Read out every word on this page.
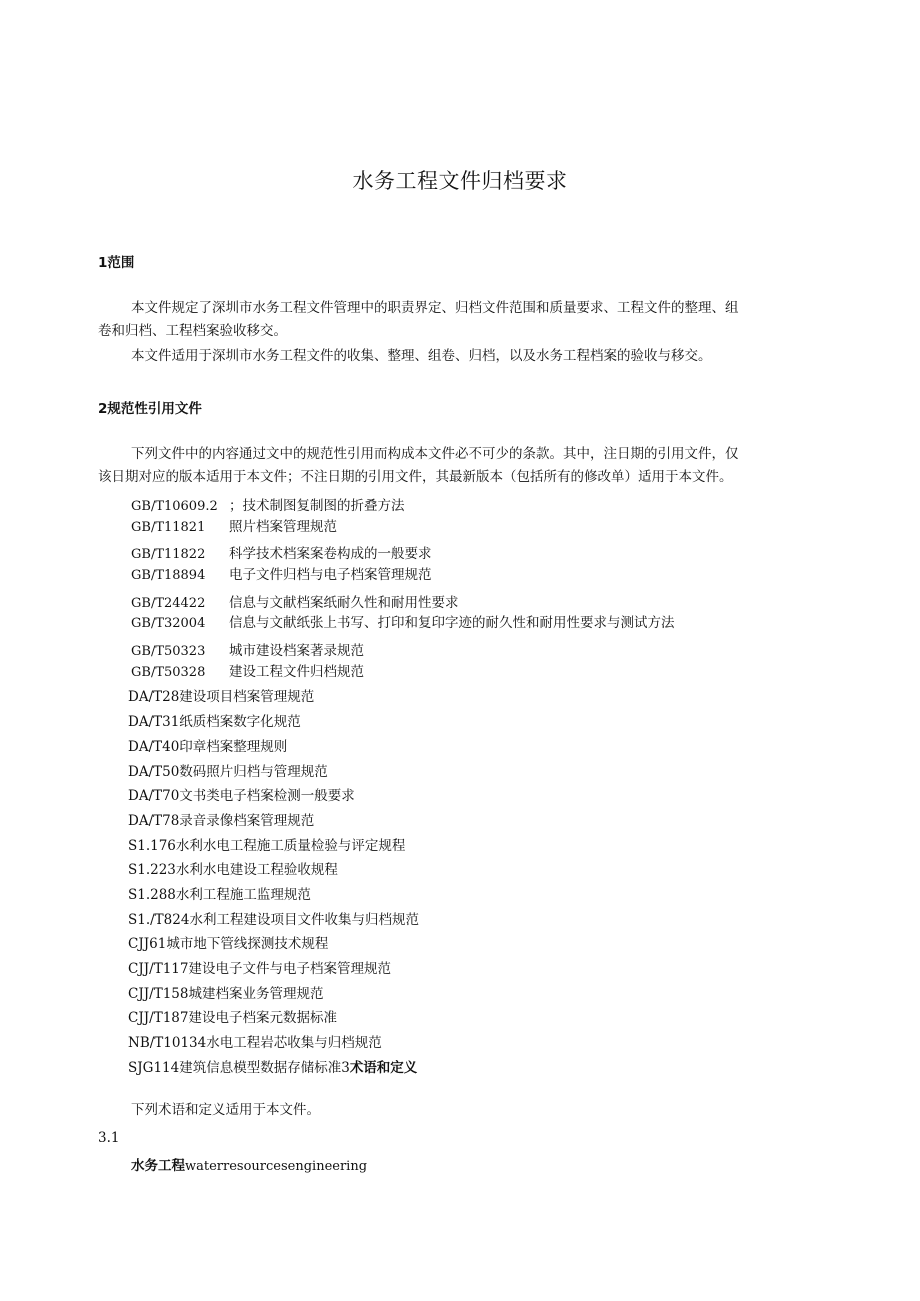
水务工程文件归档要求
1范围
本文件规定了深圳市水务工程文件管理中的职责界定、归档文件范围和质量要求、工程文件的整理、组
卷和归档、工程档案验收移交。
本文件适用于深圳市水务工程文件的收集、整理、组卷、归档，以及水务工程档案的验收与移交。
2规范性引用文件
下列文件中的内容通过文中的规范性引用而构成本文件必不可少的条款。其中，注日期的引用文件，仅
该日期对应的版本适用于本文件；不注日期的引用文件，其最新版本（包括所有的修改单）适用于本文件。
GB/T10609.2 ；技术制图复制图的折叠方法
GB/T11821 照片档案管理规范
GB/T11822 科学技术档案案卷构成的一般要求
GB/T18894 电子文件归档与电子档案管理规范
GB/T24422 信息与文献档案纸耐久性和耐用性要求
GB/T32004 信息与文献纸张上书写、打印和复印字迹的耐久性和耐用性要求与测试方法
GB/T50323 城市建设档案著录规范
GB/T50328 建设工程文件归档规范
DA/T28建设项目档案管理规范
DA/T31纸质档案数字化规范
DA/T40印章档案整理规则
DA/T50数码照片归档与管理规范
DA/T70文书类电子档案检测一般要求
DA/T78录音录像档案管理规范
S1.176水利水电工程施工质量检验与评定规程
S1.223水利水电建设工程验收规程
S1.288水利工程施工监理规范
S1./T824水利工程建设项目文件收集与归档规范
CJJ61城市地下管线探测技术规程
CJJ/T117建设电子文件与电子档案管理规范
CJJ/T158城建档案业务管理规范
CJJ/T187建设电子档案元数据标准
NB/T10134水电工程岩芯收集与归档规范
SJG114建筑信息模型数据存储标准3术语和定义
下列术语和定义适用于本文件。
3.1
水务工程waterresourcesengineering
